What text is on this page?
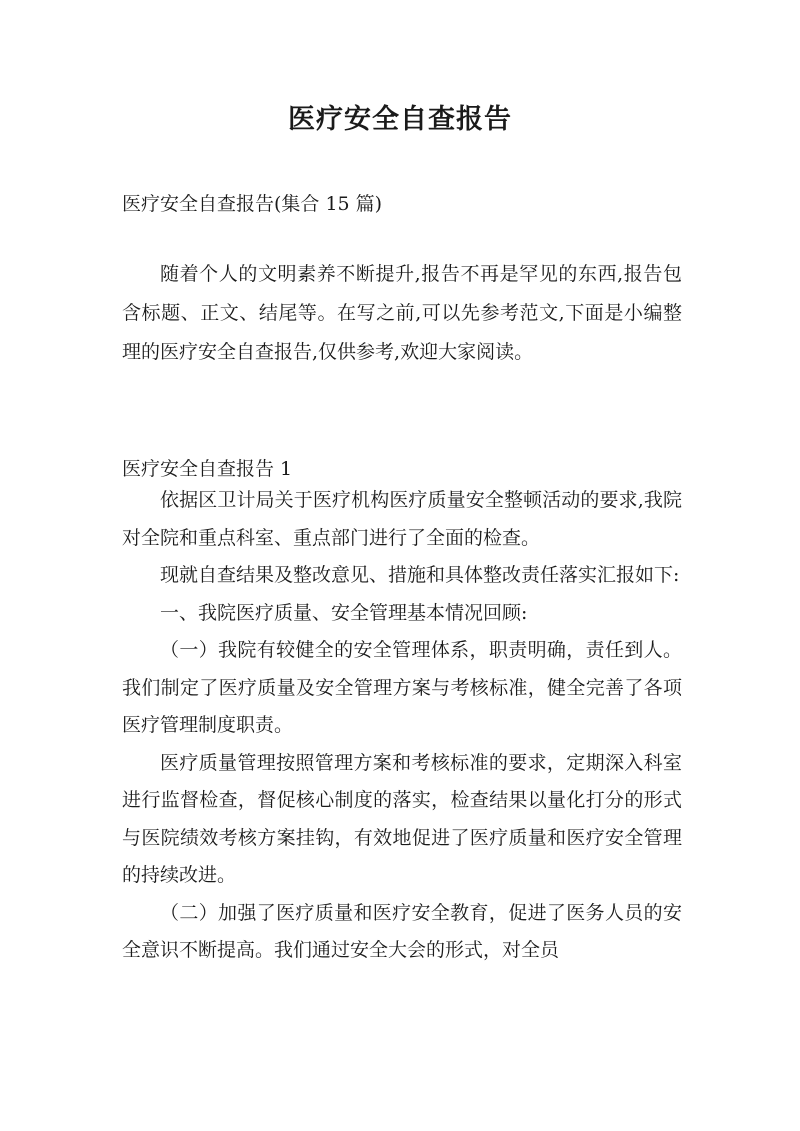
医疗安全自查报告

医疗安全自查报告(集合 15 篇)

随着个人的文明素养不断提升,报告不再是罕见的东西,报告包含标题、正文、结尾等。在写之前,可以先参考范文,下面是小编整理的医疗安全自查报告,仅供参考,欢迎大家阅读。

医疗安全自查报告 1

依据区卫计局关于医疗机构医疗质量安全整顿活动的要求,我院对全院和重点科室、重点部门进行了全面的检查。

现就自查结果及整改意见、措施和具体整改责任落实汇报如下:

一、我院医疗质量、安全管理基本情况回顾:

（一）我院有较健全的安全管理体系，职责明确，责任到人。我们制定了医疗质量及安全管理方案与考核标准，健全完善了各项医疗管理制度职责。

医疗质量管理按照管理方案和考核标准的要求，定期深入科室进行监督检查，督促核心制度的落实，检查结果以量化打分的形式与医院绩效考核方案挂钩，有效地促进了医疗质量和医疗安全管理的持续改进。

（二）加强了医疗质量和医疗安全教育，促进了医务人员的安全意识不断提高。我们通过安全大会的形式，对全员
